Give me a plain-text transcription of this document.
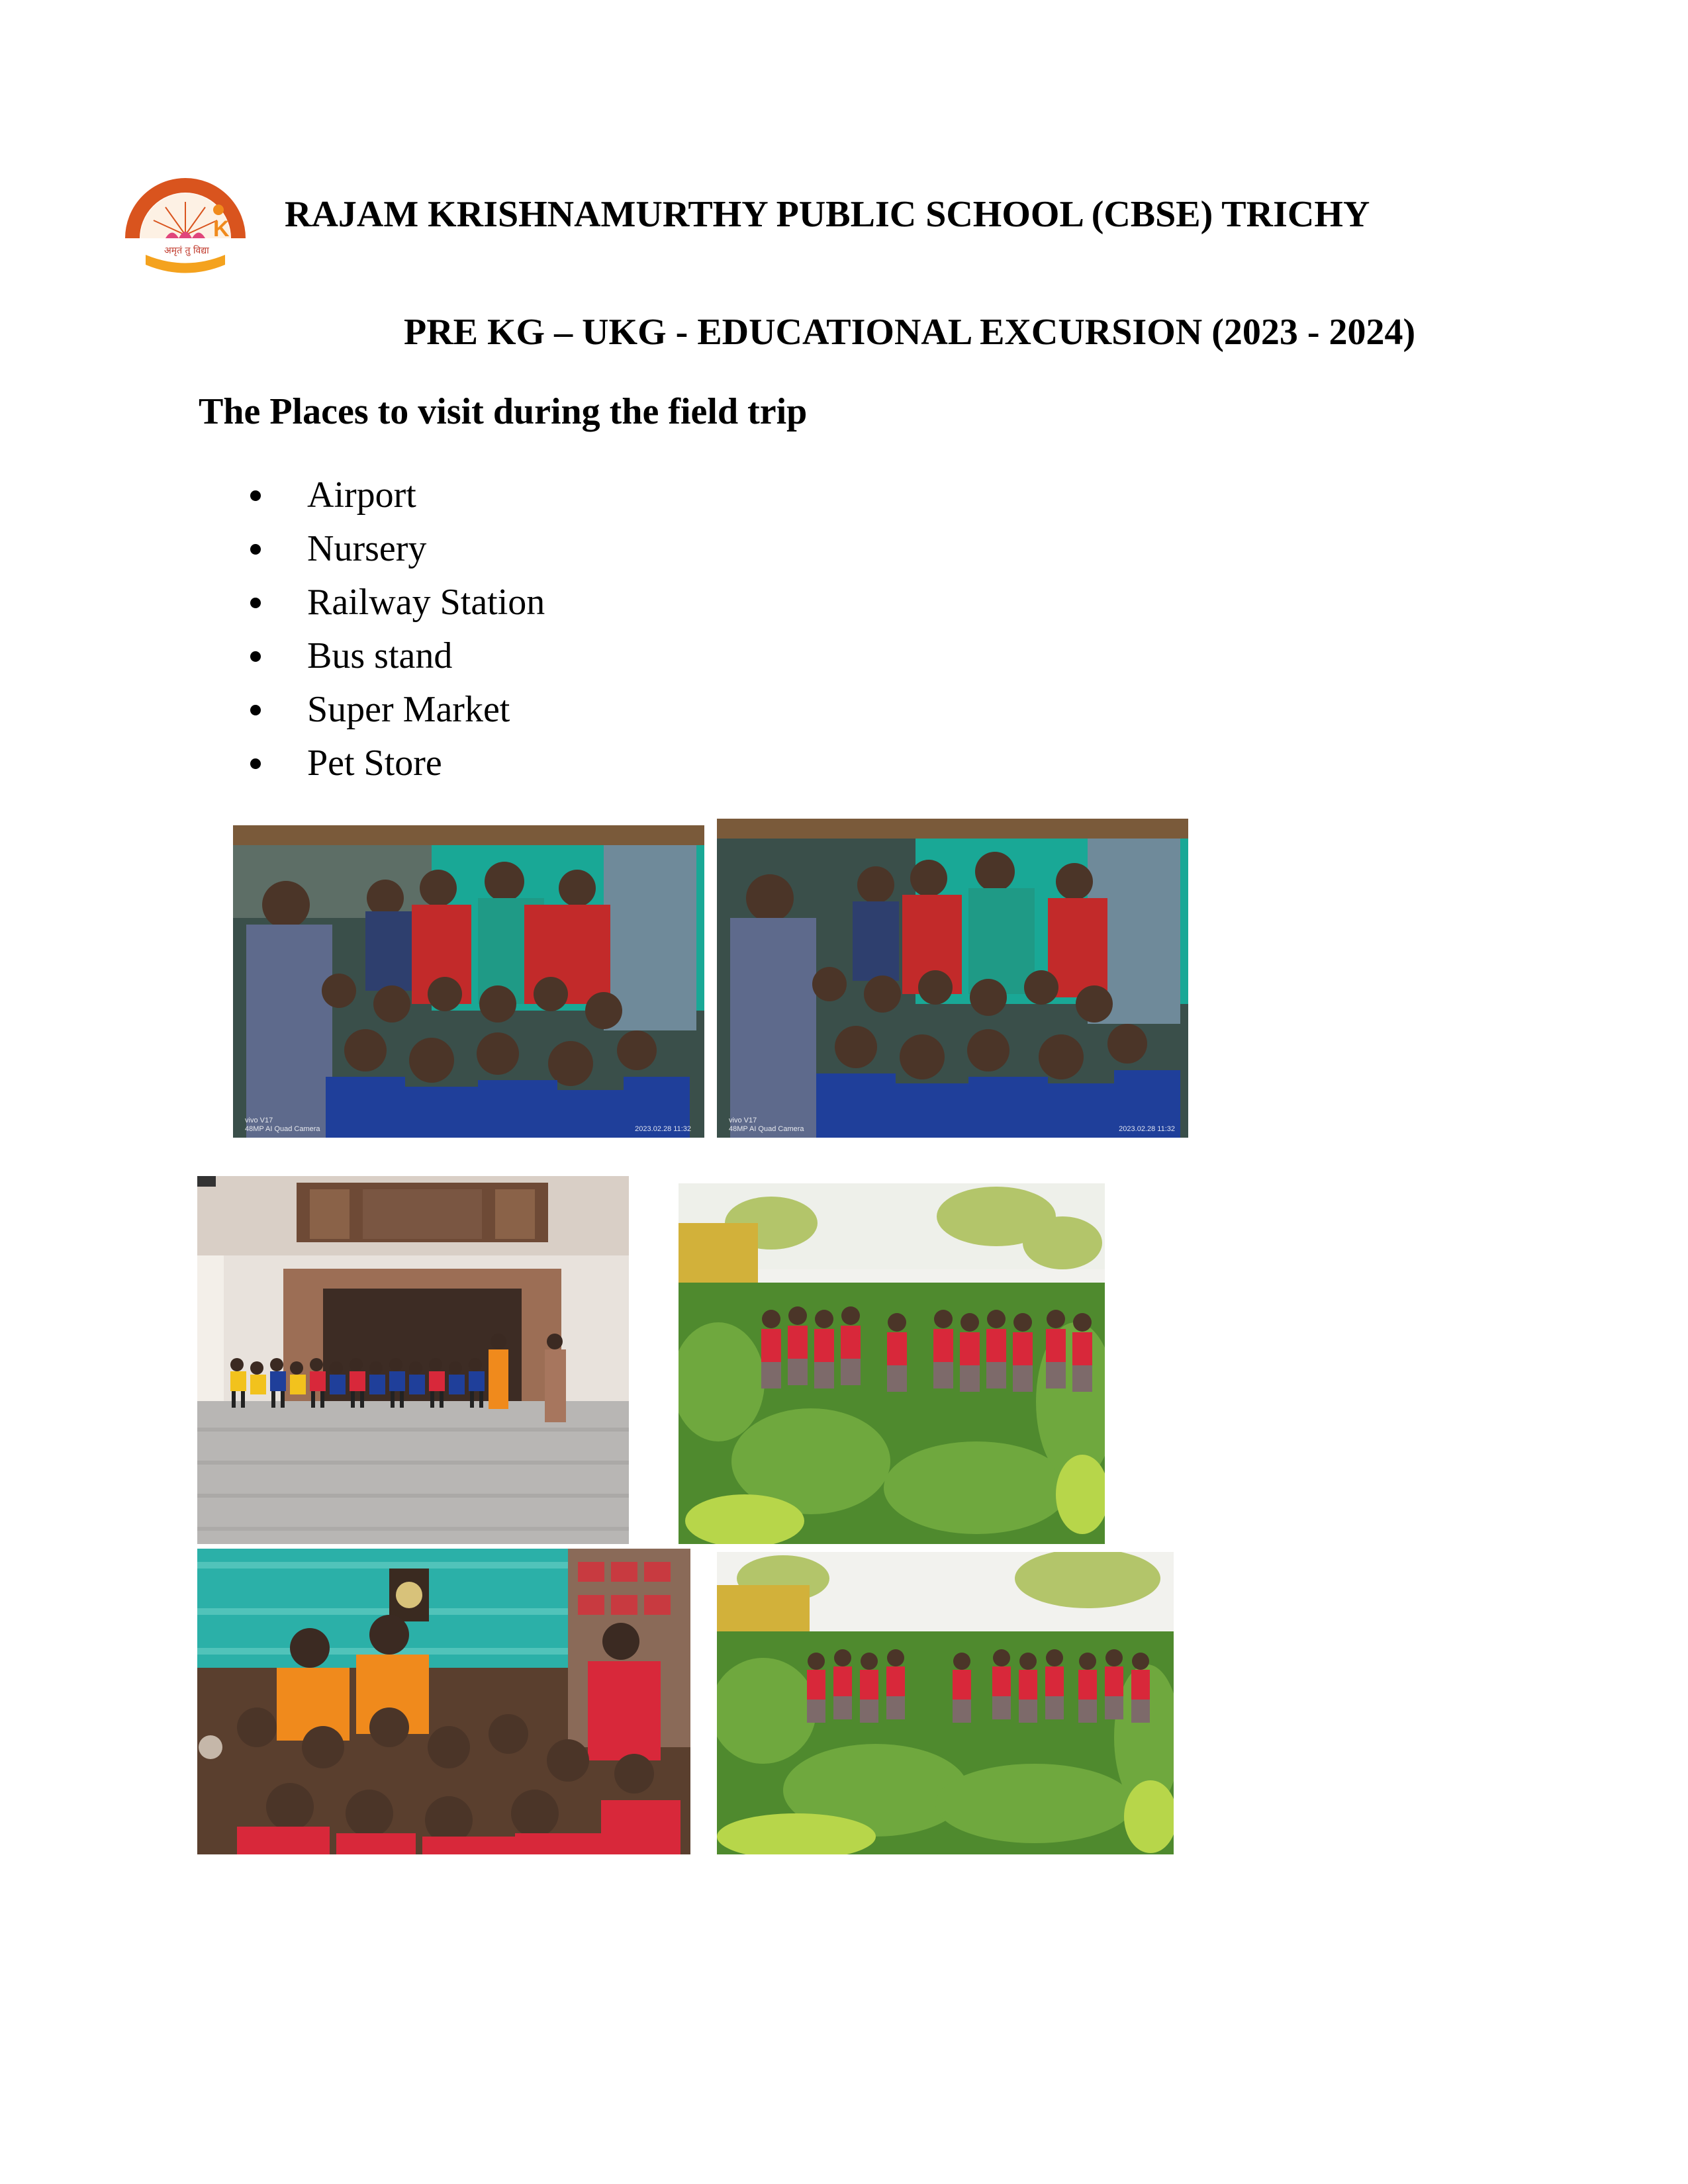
K
अमृतं तु विद्या
RAJAM KRISHNAMURTHY PUBLIC SCHOOL (CBSE) TRICHY
PRE KG – UKG - EDUCATIONAL EXCURSION (2023 - 2024)
The Places to visit during the field trip
Airport
Nursery
Railway Station
Bus stand
Super Market
Pet Store
vivo V17
48MP AI Quad Camera	2023.02.28 11:32
vivo V17
48MP AI Quad Camera	2023.02.28 11:32
